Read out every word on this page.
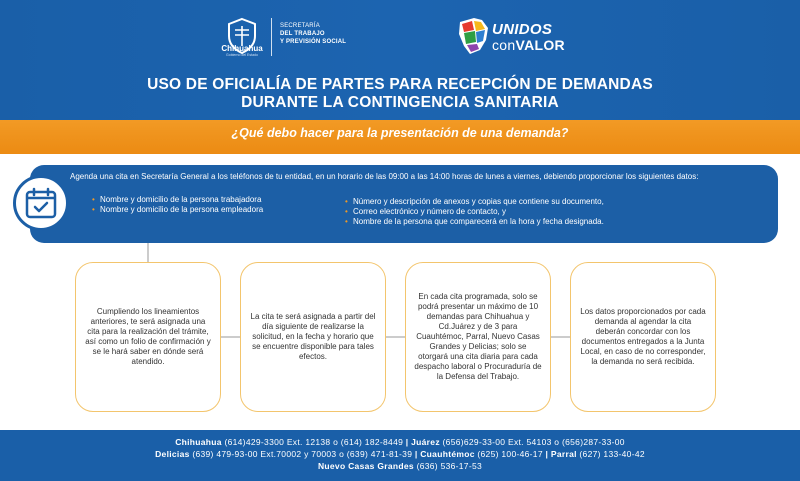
Chihuahua
Gobierno del Estado
SECRETARÍA
DEL TRABAJO
Y PREVISIÓN SOCIAL
UNIDOS
conVALOR
USO DE OFICIALÍA DE PARTES PARA RECEPCIÓN DE DEMANDAS
DURANTE LA CONTINGENCIA SANITARIA
¿Qué debo hacer para la presentación de una demanda?
Agenda una cita en Secretaría General a los teléfonos de tu entidad, en un horario de las 09:00 a las 14:00 horas de lunes a viernes, debiendo proporcionar los siguientes datos:
• Nombre y domicilio de la persona trabajadora
• Nombre y domicilio de la persona empleadora
• Número y descripción de anexos y copias que contiene su documento,
• Correo electrónico y número de contacto, y
• Nombre de la persona que comparecerá en la hora y fecha designada.
Cumpliendo los lineamientos anteriores, te será asignada una cita para la realización del trámite, así como un folio de confirmación y se le hará saber en dónde será atendido.
La cita te será asignada a partir del día siguiente de realizarse la solicitud, en la fecha y horario que se encuentre disponible para tales efectos.
En cada cita programada, solo se podrá presentar un máximo de 10 demandas para Chihuahua y Cd.Juárez y de 3 para Cuauhtémoc, Parral, Nuevo Casas Grandes y Delicias; solo se otorgará una cita diaria para cada despacho laboral o Procuraduría de la Defensa del Trabajo.
Los datos proporcionados por cada demanda al agendar la cita deberán concordar con los documentos entregados a la Junta Local, en caso de no corresponder, la demanda no será recibida.
Chihuahua (614)429-3300 Ext. 12138 o (614) 182-8449 | Juárez (656)629-33-00 Ext. 54103 o (656)287-33-00
Delicias (639) 479-93-00 Ext.70002 y 70003 o (639) 471-81-39 | Cuauhtémoc (625) 100-46-17 | Parral (627) 133-40-42
Nuevo Casas Grandes (636) 536-17-53
